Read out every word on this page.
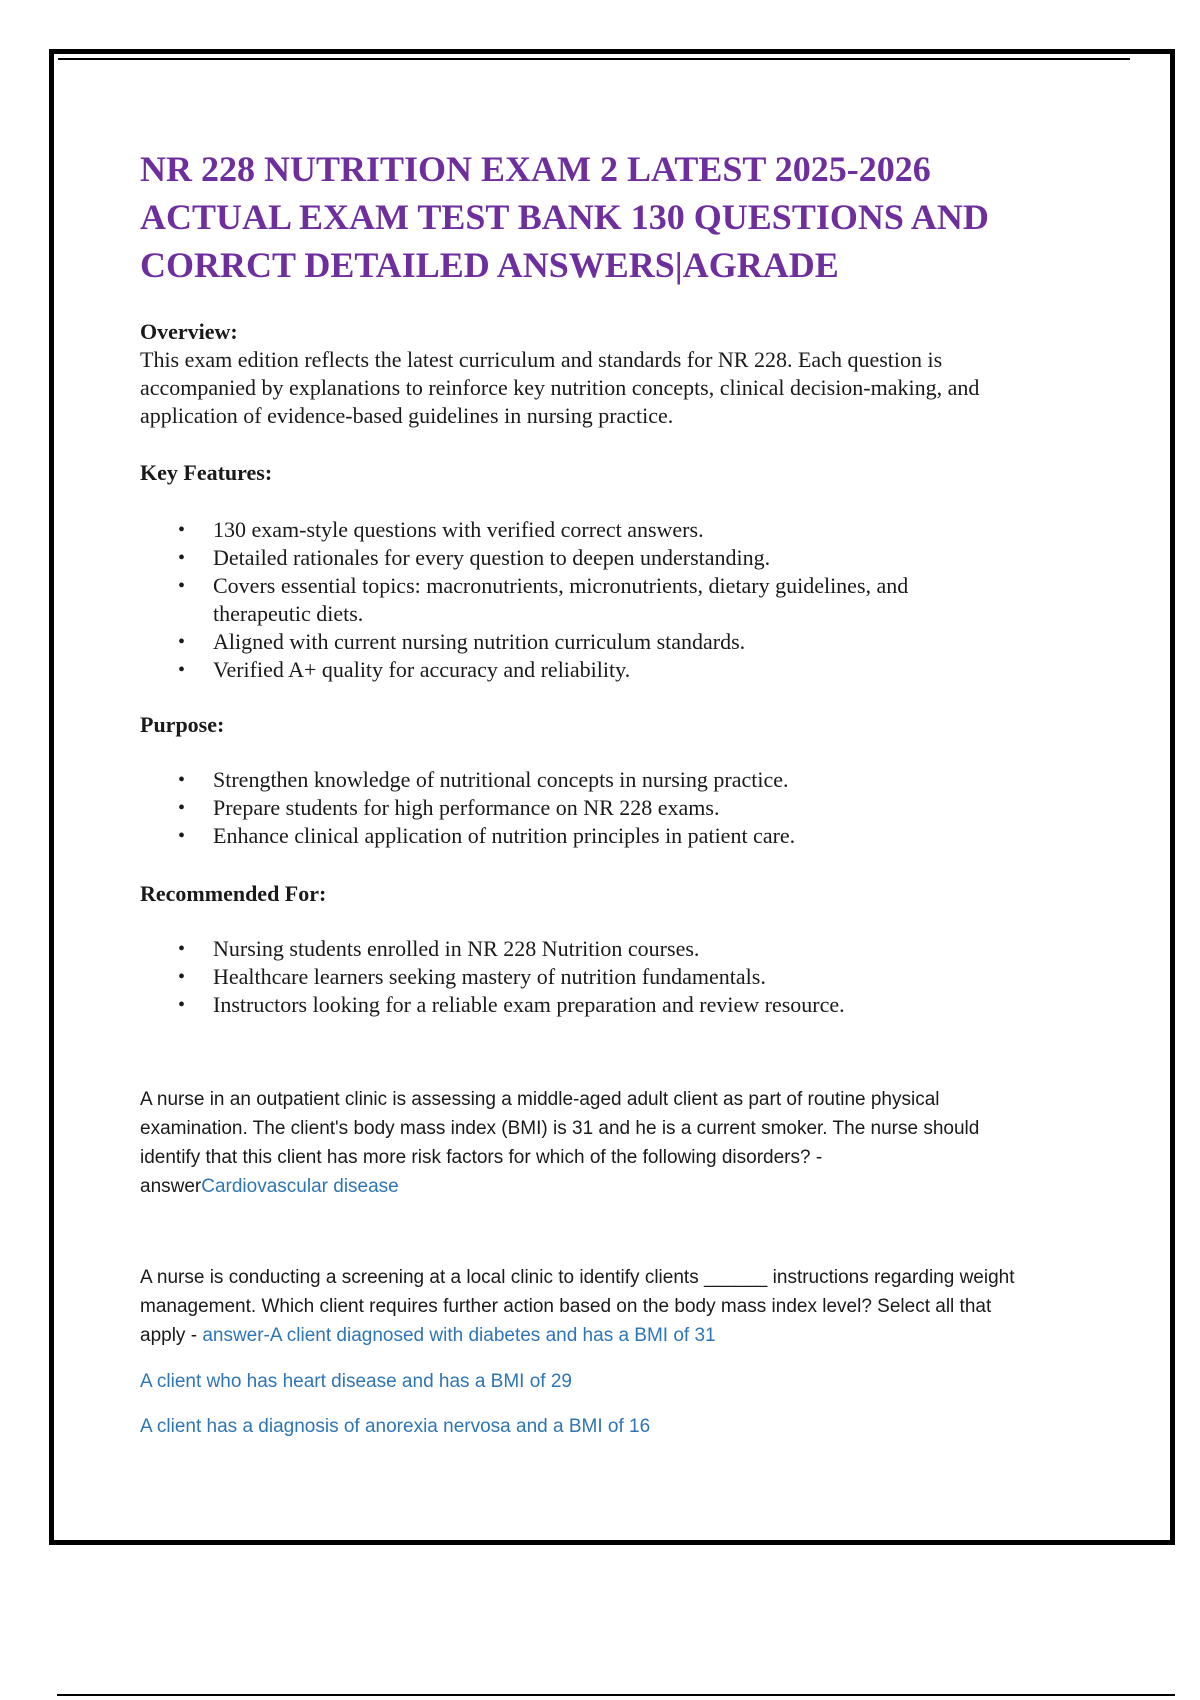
NR 228 NUTRITION EXAM 2 LATEST 2025-2026
ACTUAL EXAM TEST BANK 130 QUESTIONS AND
CORRCT DETAILED ANSWERS|AGRADE

Overview:

This exam edition reflects the latest curriculum and standards for NR 228. Each question is

accompanied by explanations to reinforce key nutrition concepts, clinical decision-making, and

application of evidence-based guidelines in nursing practice.

Key Features:

• 130 exam-style questions with verified correct answers.
• Detailed rationales for every question to deepen understanding.
• Covers essential topics: macronutrients, micronutrients, dietary guidelines, and
therapeutic diets.
• Aligned with current nursing nutrition curriculum standards.
• Verified A+ quality for accuracy and reliability.

Purpose:

• Strengthen knowledge of nutritional concepts in nursing practice.
• Prepare students for high performance on NR 228 exams.
• Enhance clinical application of nutrition principles in patient care.

Recommended For:

• Nursing students enrolled in NR 228 Nutrition courses.
• Healthcare learners seeking mastery of nutrition fundamentals.
• Instructors looking for a reliable exam preparation and review resource.

A nurse in an outpatient clinic is assessing a middle-aged adult client as part of routine physical

examination. The client's body mass index (BMI) is 31 and he is a current smoker. The nurse should

identify that this client has more risk factors for which of the following disorders? -

answerCardiovascular disease

A nurse is conducting a screening at a local clinic to identify clients ______ instructions regarding weight

management. Which client requires further action based on the body mass index level? Select all that

apply - answer-A client diagnosed with diabetes and has a BMI of 31

A client who has heart disease and has a BMI of 29

A client has a diagnosis of anorexia nervosa and a BMI of 16
